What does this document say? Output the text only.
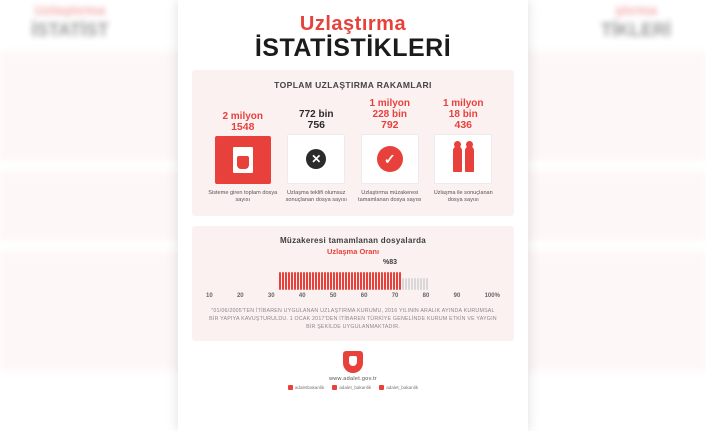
Uzlaştırma
İSTATİST
ştırma
TİKLERİ
Uzlaştırma
İSTATİSTİKLERİ
TOPLAM UZLAŞTIRMA RAKAMLARI
2 milyon
1548
Sisteme giren toplam dosya sayısı
772 bin
756
✕
Uzlaşma teklifi olumsuz sonuçlanan dosya sayısı
1 milyon
228 bin
792
✓
Uzlaştırma müzakeresi tamamlanan dosya sayısı
1 milyon
18 bin
436
Uzlaşma ile sonuçlanan dosya sayısı
Müzakeresi tamamlanan dosyalarda
Uzlaşma Oranı
%83
10	20	30	40	50	60	70	80	90	100%
"01/06/2005'TEN İTİBAREN UYGULANAN UZLAŞTIRMA KURUMU, 2016 YILININ ARALIK AYINDA KURUMSAL BİR YAPIYA KAVUŞTURULDU. 1 OCAK 2017'DEN İTİBAREN TÜRKİYE GENELİNDE KURUM ETKİN VE YAYGIN BİR ŞEKİLDE UYGULANMAKTADIR.
www.adalet.gov.tr
adaletbakanlik	adalet_bakanlik	adalet_bakanlik
